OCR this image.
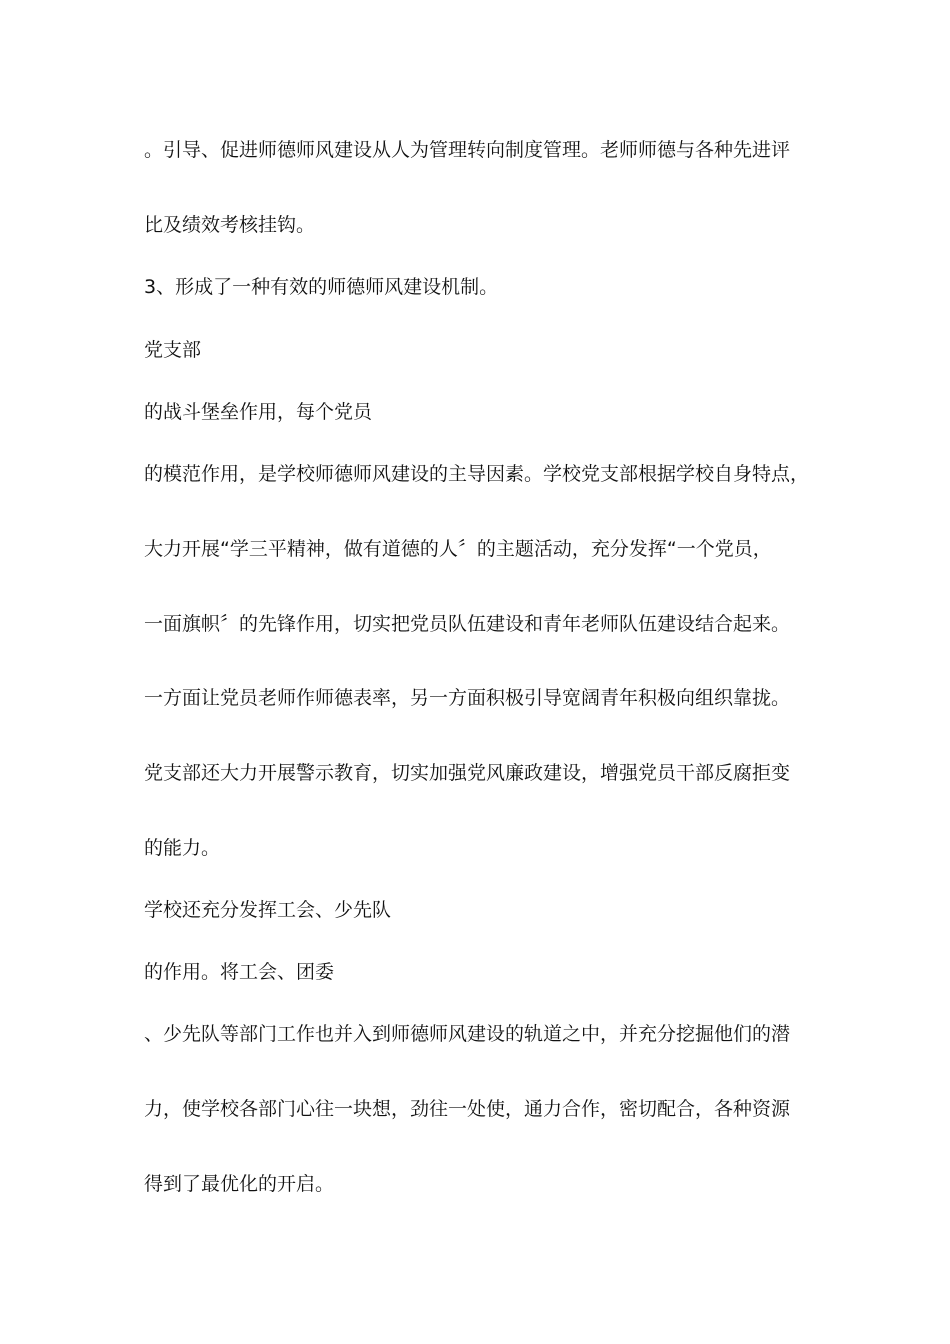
。引导、促进师德师风建设从人为管理转向制度管理。老师师德与各种先进评
比及绩效考核挂钩。
3、形成了一种有效的师德师风建设机制。
党支部
的战斗堡垒作用，每个党员
的模范作用，是学校师德师风建设的主导因素。学校党支部根据学校自身特点，
大力开展“学三平精神，做有道德的人〞的主题活动，充分发挥“一个党员，
一面旗帜〞的先锋作用，切实把党员队伍建设和青年老师队伍建设结合起来。
一方面让党员老师作师德表率，另一方面积极引导宽阔青年积极向组织靠拢。
党支部还大力开展警示教育，切实加强党风廉政建设，增强党员干部反腐拒变
的能力。
学校还充分发挥工会、少先队
的作用。将工会、团委
、少先队等部门工作也并入到师德师风建设的轨道之中，并充分挖掘他们的潜
力，使学校各部门心往一块想，劲往一处使，通力合作，密切配合，各种资源
得到了最优化的开启。
